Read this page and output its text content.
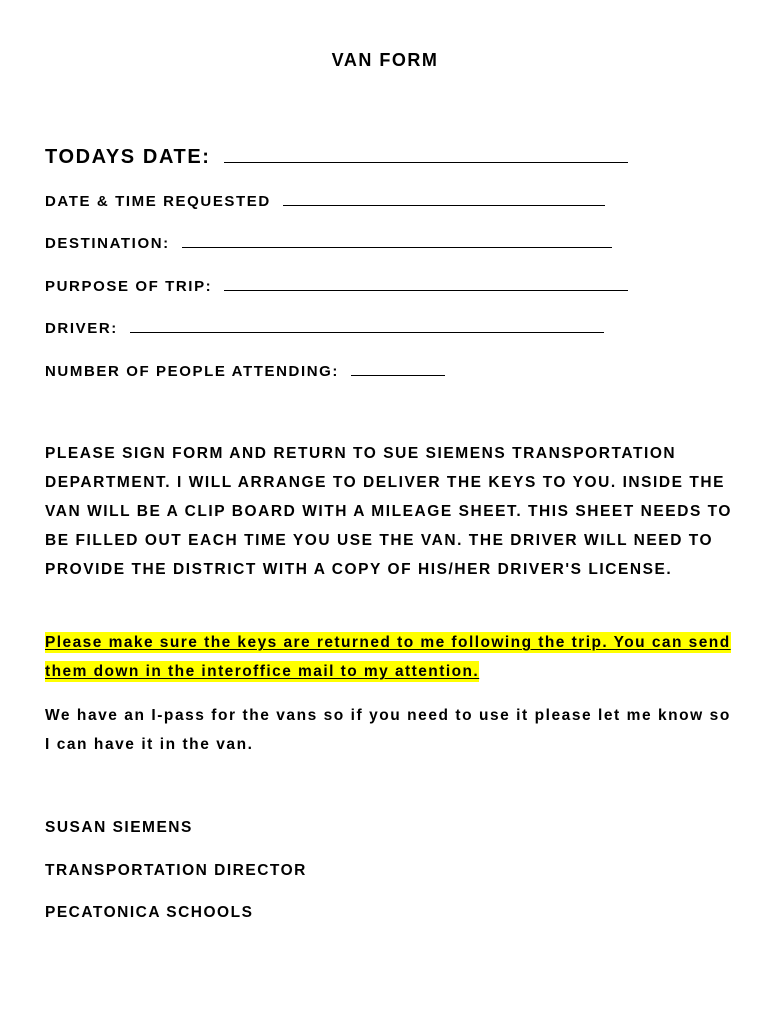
VAN FORM
TODAYS DATE:
DATE & TIME REQUESTED
DESTINATION:
PURPOSE OF TRIP:
DRIVER:
NUMBER OF PEOPLE ATTENDING:
PLEASE SIGN FORM AND RETURN TO SUE SIEMENS TRANSPORTATION DEPARTMENT. I WILL ARRANGE TO DELIVER THE KEYS TO YOU. INSIDE THE VAN WILL BE A CLIP BOARD WITH A MILEAGE SHEET. THIS SHEET NEEDS TO BE FILLED OUT EACH TIME YOU USE THE VAN. THE DRIVER WILL NEED TO PROVIDE THE DISTRICT WITH A COPY OF HIS/HER DRIVER'S LICENSE.
Please make sure the keys are returned to me following the trip. You can send them down in the interoffice mail to my attention.
We have an I-pass for the vans so if you need to use it please let me know so I can have it in the van.
SUSAN SIEMENS
TRANSPORTATION DIRECTOR
PECATONICA SCHOOLS
